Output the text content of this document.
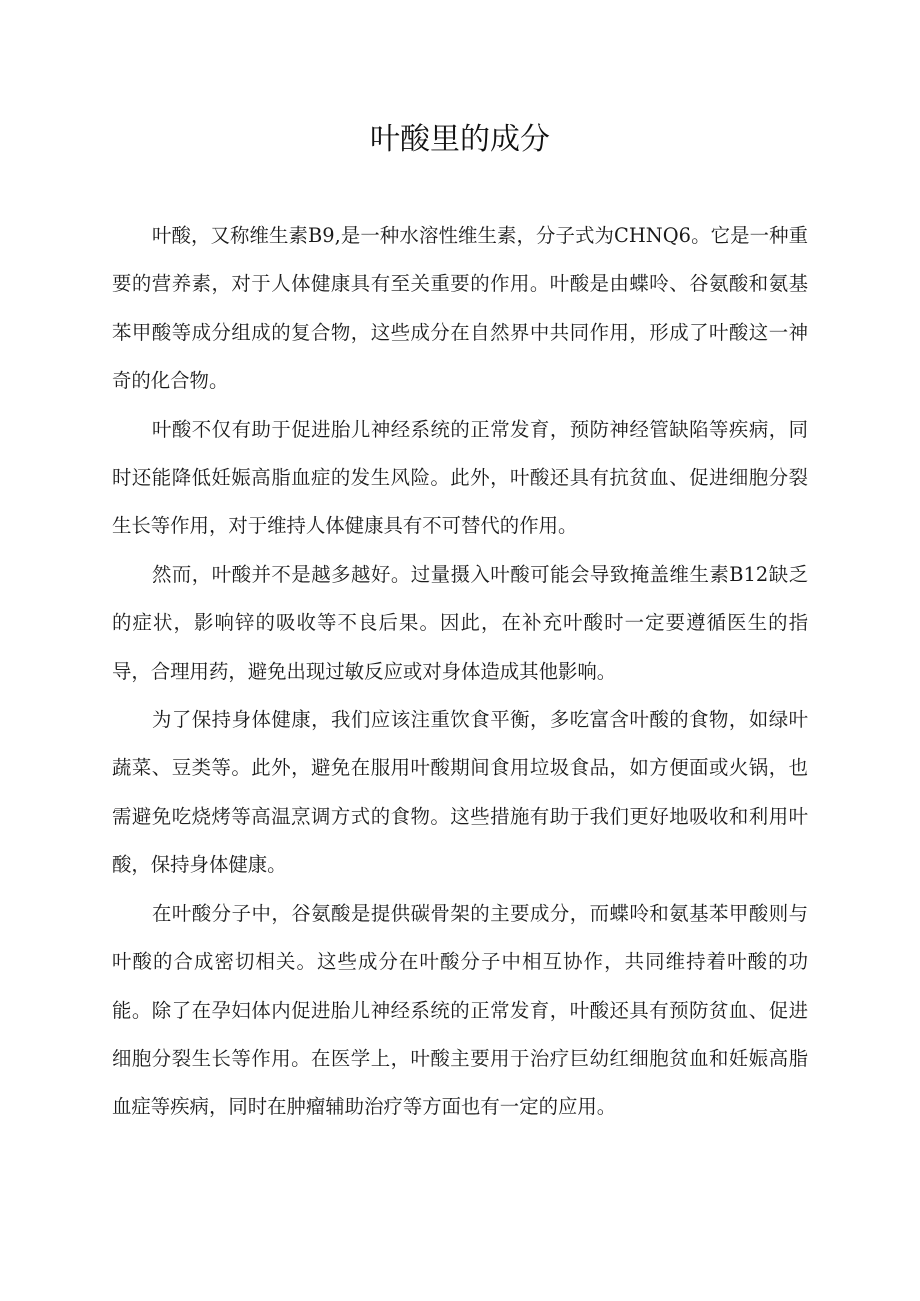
叶酸里的成分

叶酸，又称维生素B9,是一种水溶性维生素，分子式为CHNQ6。它是一种重要的营养素，对于人体健康具有至关重要的作用。叶酸是由蝶呤、谷氨酸和氨基苯甲酸等成分组成的复合物，这些成分在自然界中共同作用，形成了叶酸这一神奇的化合物。

叶酸不仅有助于促进胎儿神经系统的正常发育，预防神经管缺陷等疾病，同时还能降低妊娠高脂血症的发生风险。此外，叶酸还具有抗贫血、促进细胞分裂生长等作用，对于维持人体健康具有不可替代的作用。

然而，叶酸并不是越多越好。过量摄入叶酸可能会导致掩盖维生素B12缺乏的症状，影响锌的吸收等不良后果。因此，在补充叶酸时一定要遵循医生的指导，合理用药，避免出现过敏反应或对身体造成其他影响。

为了保持身体健康，我们应该注重饮食平衡，多吃富含叶酸的食物，如绿叶蔬菜、豆类等。此外，避免在服用叶酸期间食用垃圾食品，如方便面或火锅，也需避免吃烧烤等高温烹调方式的食物。这些措施有助于我们更好地吸收和利用叶酸，保持身体健康。

在叶酸分子中，谷氨酸是提供碳骨架的主要成分，而蝶呤和氨基苯甲酸则与叶酸的合成密切相关。这些成分在叶酸分子中相互协作，共同维持着叶酸的功能。除了在孕妇体内促进胎儿神经系统的正常发育，叶酸还具有预防贫血、促进细胞分裂生长等作用。在医学上，叶酸主要用于治疗巨幼红细胞贫血和妊娠高脂血症等疾病，同时在肿瘤辅助治疗等方面也有一定的应用。
